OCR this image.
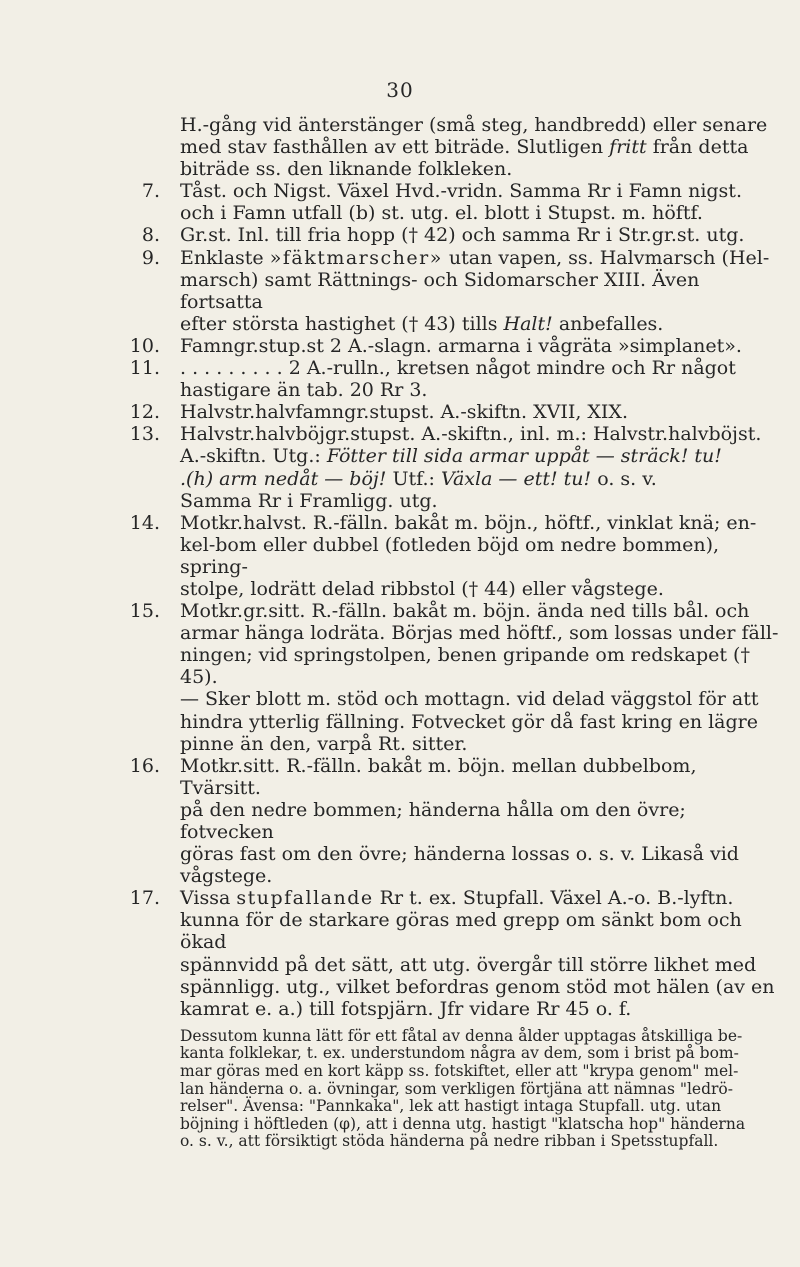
30
H.-gång vid änterstänger (små steg, handbredd) eller senare
med stav fasthållen av ett biträde. Slutligen fritt från detta
biträde ss. den liknande folkleken.
7. Tåst. och Nigst. Växel Hvd.-vridn. Samma Rr i Famn nigst.
och i Famn utfall (b) st. utg. el. blott i Stupst. m. höftf.
8. Gr.st. Inl. till fria hopp († 42) och samma Rr i Str.gr.st. utg.
9. Enklaste »fäktmarscher» utan vapen, ss. Halvmarsch (Hel-
marsch) samt Rättnings- och Sidomarscher XIII. Även fortsatta
efter största hastighet († 43) tills Halt! anbefalles.
10. Famngr.stup.st 2 A.-slagn. armarna i vågräta »simplanet».
11. . . . . . . . . . 2 A.-rulln., kretsen något mindre och Rr något
hastigare än tab. 20 Rr 3.
12. Halvstr.halvfamngr.stupst. A.-skiftn. XVII, XIX.
13. Halvstr.halvböjgr.stupst. A.-skiftn., inl. m.: Halvstr.halvböjst.
A.-skiftn. Utg.: Fötter till sida armar uppåt — sträck! tu!
.(h) arm nedåt — böj! Utf.: Växla — ett! tu! o. s. v.
Samma Rr i Framligg. utg.
14. Motkr.halvst. R.-fälln. bakåt m. böjn., höftf., vinklat knä; en-
kel-bom eller dubbel (fotleden böjd om nedre bommen), spring-
stolpe, lodrätt delad ribbstol († 44) eller vågstege.
15. Motkr.gr.sitt. R.-fälln. bakåt m. böjn. ända ned tills bål. och
armar hänga lodräta. Börjas med höftf., som lossas under fäll-
ningen; vid springstolpen, benen gripande om redskapet († 45).
— Sker blott m. stöd och mottagn. vid delad väggstol för att
hindra ytterlig fällning. Fotvecket gör då fast kring en lägre
pinne än den, varpå Rt. sitter.
16. Motkr.sitt. R.-fälln. bakåt m. böjn. mellan dubbelbom, Tvärsitt.
på den nedre bommen; händerna hålla om den övre; fotvecken
göras fast om den övre; händerna lossas o. s. v. Likaså vid
vågstege.
17. Vissa stupfallande Rr t. ex. Stupfall. Växel A.-o. B.-lyftn.
kunna för de starkare göras med grepp om sänkt bom och ökad
spännvidd på det sätt, att utg. övergår till större likhet med
spännligg. utg., vilket befordras genom stöd mot hälen (av en
kamrat e. a.) till fotspjärn. Jfr vidare Rr 45 o. f.
Dessutom kunna lätt för ett fåtal av denna ålder upptagas åtskilliga be-
kanta folklekar, t. ex. understundom några av dem, som i brist på bom-
mar göras med en kort käpp ss. fotskiftet, eller att "krypa genom" mel-
lan händerna o. a. övningar, som verkligen förtjäna att nämnas "ledrö-
relser". Ävensa: "Pannkaka", lek att hastigt intaga Stupfall. utg. utan
böjning i höftleden (φ), att i denna utg. hastigt "klatscha hop" händerna
o. s. v., att försiktigt stöda händerna på nedre ribban i Spetsstupfall.
